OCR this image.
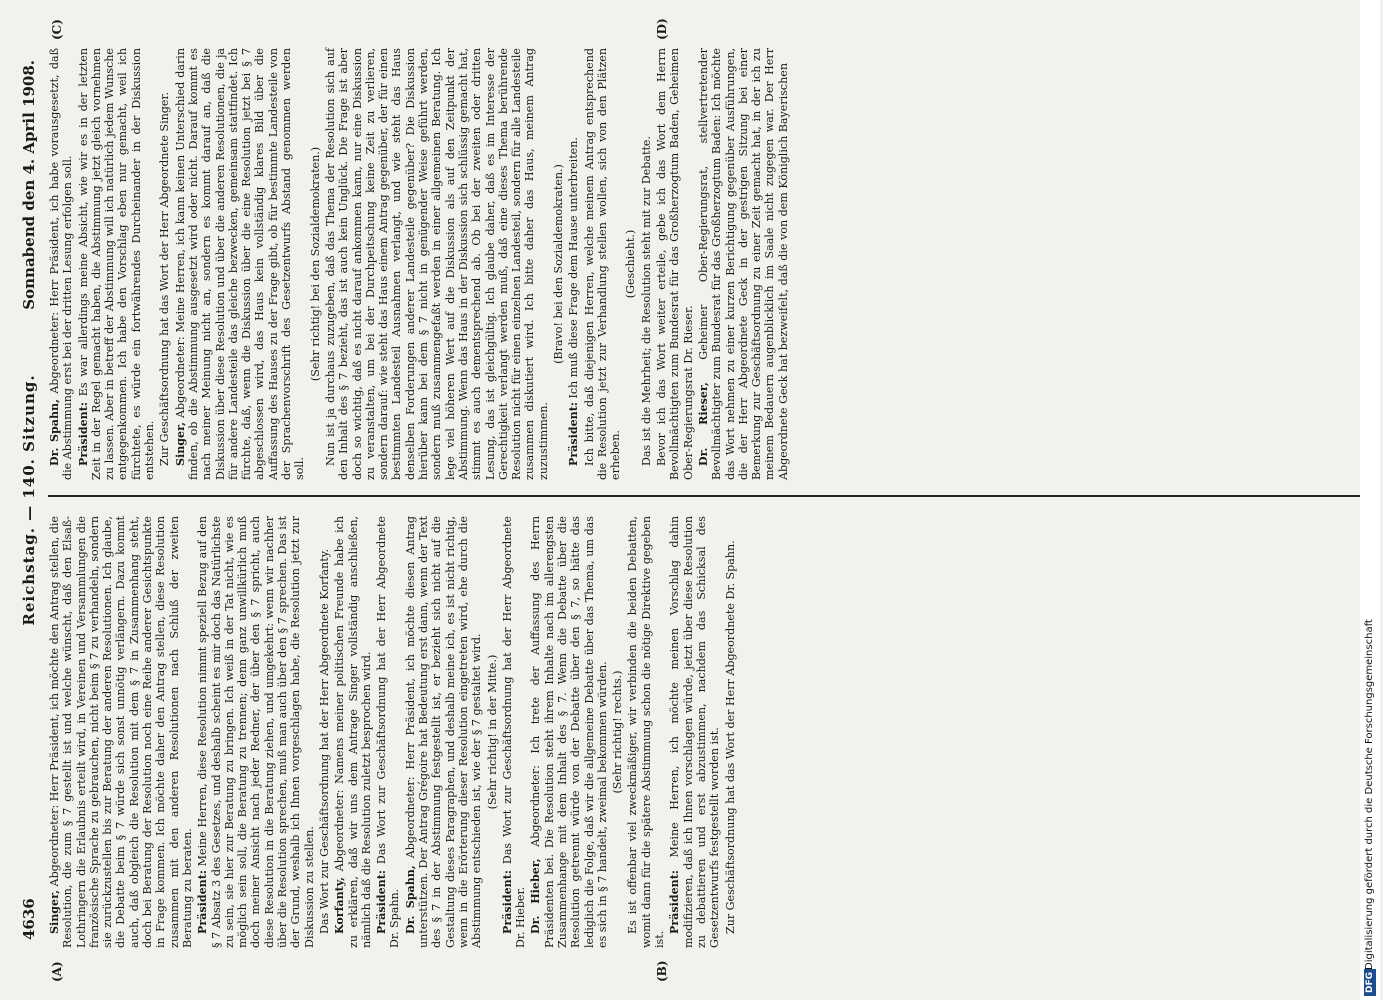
4636
Reichstag. — 140. Sitzung.
Sonnabend den 4. April 1908.
(A)	(B)
(C)	(D)

Singer, Abgeordneter: Herr Präsident, ich möchte den Antrag stellen, die Resolution, die zum § 7 gestellt ist und welche wünscht, daß den Elsaß-Lothringern die Erlaubnis erteilt wird, in Vereinen und Versammlungen die französische Sprache zu gebrauchen, nicht beim § 7 zu verhandeln, sondern sie zurückzustellen bis zur Beratung der anderen Resolutionen. Ich glaube, die Debatte beim § 7 würde sich sonst unnötig verlängern. Dazu kommt auch, daß obgleich die Resolution mit dem § 7 in Zusammenhang steht, doch bei Beratung der Resolution noch eine Reihe anderer Gesichtspunkte in Frage kommen. Ich möchte daher den Antrag stellen, diese Resolution zusammen mit den anderen Resolutionen nach Schluß der zweiten Beratung zu beraten. Präsident: Meine Herren, diese Resolution nimmt speziell Bezug auf den § 7 Absatz 3 des Gesetzes, und deshalb scheint es mir doch das Natürlichste zu sein, sie hier zur Beratung zu bringen. Ich weiß in der Tat nicht, wie es möglich sein soll, die Beratung zu trennen; denn ganz unwillkürlich muß doch meiner Ansicht nach jeder Redner, der über den § 7 spricht, auch diese Resolution in die Beratung ziehen, und umgekehrt: wenn wir nachher über die Resolution sprechen, muß man auch über den § 7 sprechen. Das ist der Grund, weshalb ich Ihnen vorgeschlagen habe, die Resolution jetzt zur Diskussion zu stellen. Das Wort zur Geschäftsordnung hat der Herr Abgeordnete Korfanty. Korfanty, Abgeordneter: Namens meiner politischen Freunde habe ich zu erklären, daß wir uns dem Antrage Singer vollständig anschließen, nämlich daß die Resolution zuletzt besprochen wird. Präsident: Das Wort zur Geschäftsordnung hat der Herr Abgeordnete Dr. Spahn. Dr. Spahn, Abgeordneter: Herr Präsident, ich möchte diesen Antrag unterstützen. Der Antrag Grégoire hat Bedeutung erst dann, wenn der Text des § 7 in der Abstimmung festgestellt ist, er bezieht sich nicht auf die Gestaltung dieses Paragraphen, und deshalb meine ich, es ist nicht richtig, wenn in die Erörterung dieser Resolution eingetreten wird, ehe durch die Abstimmung entschieden ist, wie der § 7 gestaltet wird. (Sehr richtig! in der Mitte.)

Präsident: Das Wort zur Geschäftsordnung hat der Herr Abgeordnete Dr. Hieber. Dr. Hieber, Abgeordneter: Ich trete der Auffassung des Herrn Präsidenten bei. Die Resolution steht ihrem Inhalte nach im allerengsten Zusammenhange mit dem Inhalt des § 7. Wenn die Debatte über die Resolution getrennt würde von der Debatte über den § 7, so hätte das lediglich die Folge, daß wir die allgemeine Debatte über das Thema, um das es sich in § 7 handelt, zweimal bekommen würden. (Sehr richtig! rechts.) Es ist offenbar viel zweckmäßiger, wir verbinden die beiden Debatten, womit dann für die spätere Abstimmung schon die nötige Direktive gegeben ist.

Präsident: Meine Herren, ich möchte meinen Vorschlag dahin modifizieren, daß ich Ihnen vorschlagen würde, jetzt über diese Resolution zu debattieren und erst abzustimmen, nachdem das Schicksal des Gesetzentwurfs festgestellt worden ist. Zur Geschäftsordnung hat das Wort der Herr Abgeordnete Dr. Spahn.

Dr. Spahn, Abgeordneter: Herr Präsident, ich habe vorausgesetzt, daß die Abstimmung erst bei der dritten Lesung erfolgen soll. Präsident: Es war allerdings meine Absicht, wie wir es in der letzten Zeit in der Regel gemacht haben, die Abstimmung jetzt gleich vornehmen zu lassen. Aber in betreff der Abstimmung will ich natürlich jedem Wunsche entgegenkommen. Ich habe den Vorschlag eben nur gemacht, weil ich fürchtete, es würde ein fortwährendes Durcheinander in der Diskussion entstehen. Zur Geschäftsordnung hat das Wort der Herr Abgeordnete Singer. Singer, Abgeordneter: Meine Herren, ich kann keinen Unterschied darin finden, ob die Abstimmung ausgesetzt wird oder nicht. Darauf kommt es nach meiner Meinung nicht an, sondern es kommt darauf an, daß die Diskussion über diese Resolution und über die anderen Resolutionen, die ja für andere Landesteile das gleiche bezwecken, gemeinsam stattfindet. Ich fürchte, daß, wenn die Diskussion über die eine Resolution jetzt bei § 7 abgeschlossen wird, das Haus kein vollständig klares Bild über die Auffassung des Hauses zu der Frage gibt, ob für bestimmte Landesteile von der Sprachenvorschrift des Gesetzentwurfs Abstand genommen werden soll.

(Sehr richtig! bei den Sozialdemokraten.) Nun ist ja durchaus zuzugeben, daß das Thema der Resolution sich auf den Inhalt des § 7 bezieht, das ist auch kein Unglück. Die Frage ist aber doch so wichtig, daß es nicht darauf ankommen kann, nur eine Diskussion zu veranstalten, um bei der Durchpeitschung keine Zeit zu verlieren, sondern darauf: wie steht das Haus einem Antrag gegenüber, der für einen bestimmten Landesteil Ausnahmen verlangt, und wie steht das Haus denselben Forderungen anderer Landesteile gegenüber? Die Diskussion hierüber kann bei dem § 7 nicht in genügender Weise geführt werden, sondern muß zusammengefaßt werden in einer allgemeinen Beratung. Ich lege viel höheren Wert auf die Diskussion als auf den Zeitpunkt der Abstimmung. Wenn das Haus in der Diskussion sich schlüssig gemacht hat, stimmt es auch dementsprechend ab. Ob bei der zweiten oder dritten Lesung, das ist gleichgültig. Ich glaube daher, daß es im Interesse der Gerechtigkeit verlangt werden muß, daß eine dieses Thema berührende Resolution nicht für einen einzelnen Landesteil, sondern für alle Landesteile zusammen diskutiert wird. Ich bitte daher das Haus, meinem Antrag zuzustimmen.

(Bravo! bei den Sozialdemokraten.)

Präsident: Ich muß diese Frage dem Hause unterbreiten. Ich bitte, daß diejenigen Herren, welche meinem Antrag entsprechend die Resolution jetzt zur Verhandlung stellen wollen, sich von den Plätzen erheben.

(Geschieht.) Das ist die Mehrheit; die Resolution steht mit zur Debatte. Bevor ich das Wort weiter erteile, gebe ich das Wort dem Herrn Bevollmächtigten zum Bundesrat für das Großherzogtum Baden, Geheimen Ober-Regierungsrat Dr. Rieser. Dr. Rieser, Geheimer Ober-Regierungsrat, stellvertretender Bevollmächtigter zum Bundesrat für das Großherzogtum Baden: Ich möchte das Wort nehmen zu einer kurzen Berichtigung gegenüber Ausführungen, die der Herr Abgeordnete Geck in der gestrigen Sitzung bei einer Bemerkung zur Geschäftsordnung zu einer Zeit gemacht hat, in der ich zu meinem Bedauern augenblicklich im Saale nicht zugegen war. Der Herr Abgeordnete Geck hat bezweifelt, daß die von dem Königlich Bayerischen

DFG
Digitalisierung gefördert durch die Deutsche Forschungsgemeinschaft
